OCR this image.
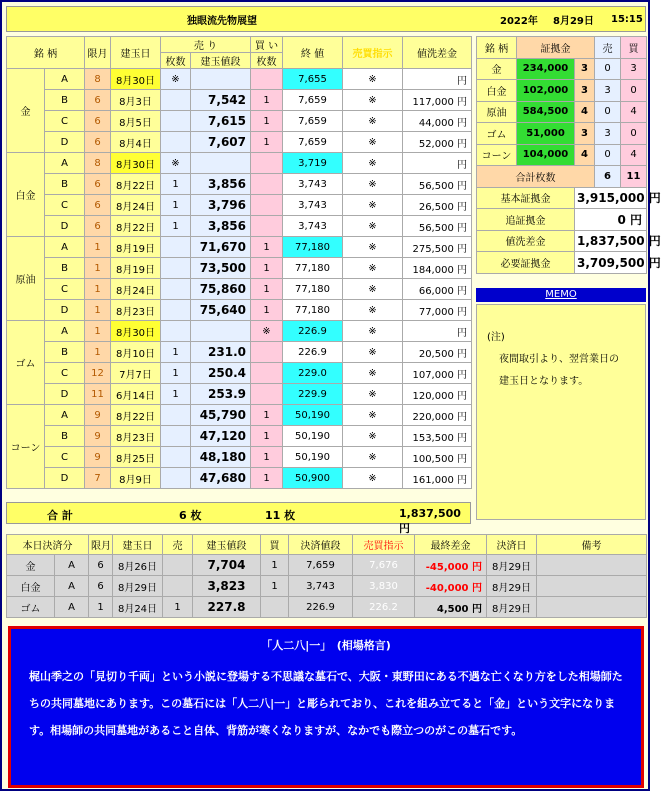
独眼流先物展望	2022年 8月29日 15:15
銘 柄		限月	建玉日	売 り		買 い	終 値	売買指示	値洗差金
				枚数	建玉値段	枚数			
金	A	8	8月30日	※			7,655	※	円
	B	6	8月3日		7,542	1	7,659	※	117,000 円
	C	6	8月5日		7,615	1	7,659	※	44,000 円
	D	6	8月4日		7,607	1	7,659	※	52,000 円
白金	A	8	8月30日	※			3,719	※	円
	B	6	8月22日	1	3,856		3,743	※	56,500 円
	C	6	8月24日	1	3,796		3,743	※	26,500 円
	D	6	8月22日	1	3,856		3,743	※	56,500 円
原油	A	1	8月19日		71,670	1	77,180	※	275,500 円
	B	1	8月19日		73,500	1	77,180	※	184,000 円
	C	1	8月24日		75,860	1	77,180	※	66,000 円
	D	1	8月23日		75,640	1	77,180	※	77,000 円
ゴム	A	1	8月30日			※	226.9	※	円
	B	1	8月10日	1	231.0		226.9	※	20,500 円
	C	12	7月7日	1	250.4		229.0	※	107,000 円
	D	11	6月14日	1	253.9		229.9	※	120,000 円
コーン	A	9	8月22日		45,790	1	50,190	※	220,000 円
	B	9	8月23日		47,120	1	50,190	※	153,500 円
	C	9	8月25日		48,180	1	50,190	※	100,500 円
	D	7	8月9日		47,680	1	50,900	※	161,000 円
合 計	6 枚	11 枚	1,837,500 円
銘 柄	証拠金		売	買
金	234,000	3	0	3
白金	102,000	3	3	0
原油	584,500	4	0	4
ゴム	51,000	3	3	0
コーン	104,000	4	0	4
合計枚数			6	11
基本証拠金		3,915,000 円		
追証拠金		0 円		
値洗差金		1,837,500 円		
必要証拠金		3,709,500 円		
MEMO
(注)
夜間取引より、翌営業日の
建玉日となります。
本日決済分		限月	建玉日	売	建玉値段	買	決済値段	売買指示	最終差金	決済日	備考
金	A	6	8月26日		7,704	1	7,659	7,676	-45,000 円	8月29日	
白金	A	6	8月29日		3,823	1	3,743	3,830	-40,000 円	8月29日	
ゴム	A	1	8月24日	1	227.8		226.9	226.2	4,500 円	8月29日	
「人二八|一」　(相場格言)
梶山季之の「見切り千両」という小説に登場する不思議な墓石で、大阪・東野田にある不遇な亡くなり方をした相場師たちの共同墓地にあります。この墓石には「人二八|一」と彫られており、これを組み立てると「金」という文字になります。相場師の共同墓地があること自体、背筋が寒くなりますが、なかでも際立つのがこの墓石です。
